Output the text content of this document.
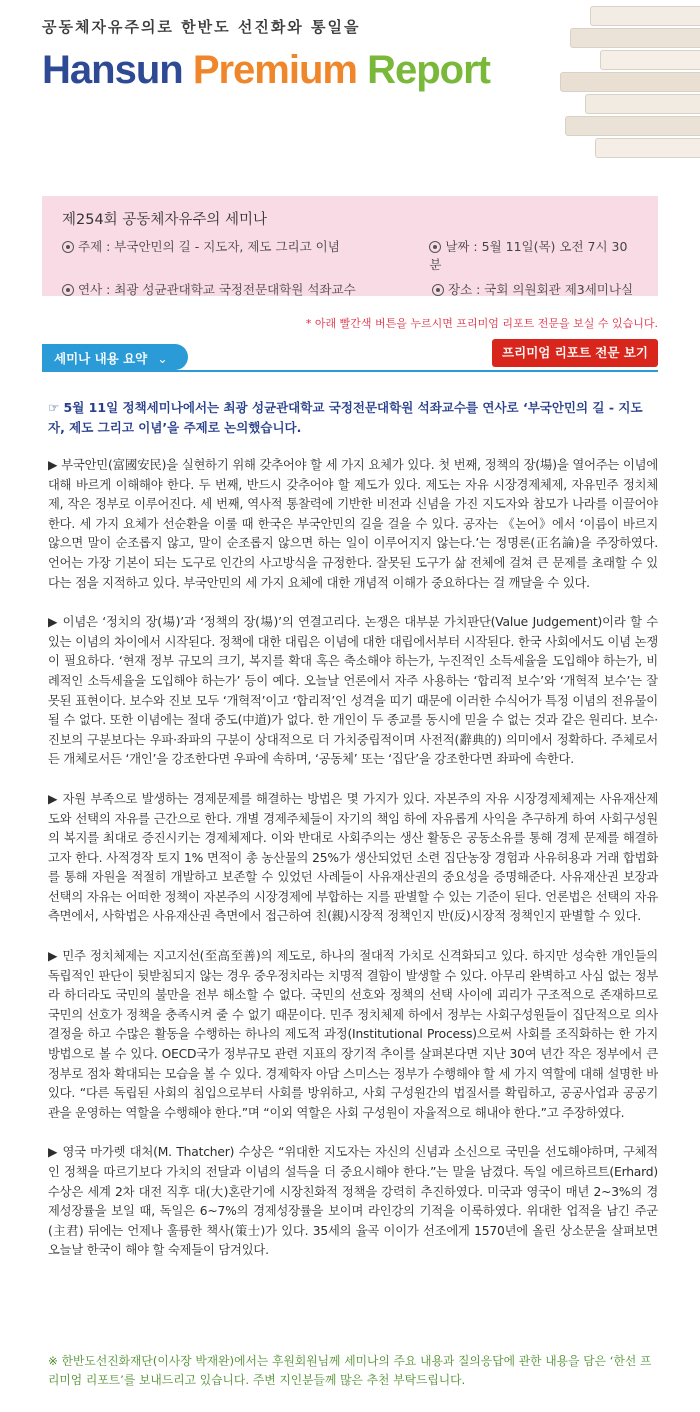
공동체자유주의로 한반도 선진화와 통일을
Hansun Premium Report
제254회 공동체자유주의 세미나
주제 : 부국안민의 길 - 지도자, 제도 그리고 이념	날짜 : 5월 11일(목) 오전 7시 30분
연사 : 최광 성균관대학교 국정전문대학원 석좌교수	장소 : 국회 의원회관 제3세미나실
* 아래 빨간색 버튼을 누르시면 프리미엄 리포트 전문을 보실 수 있습니다.
세미나 내용 요약 ⌄	프리미엄 리포트 전문 보기

☞ 5월 11일 정책세미나에서는 최광 성균관대학교 국정전문대학원 석좌교수를 연사로 ‘부국안민의 길 - 지도자, 제도 그리고 이념’을 주제로 논의했습니다.

▶ 부국안민(富國安民)을 실현하기 위해 갖추어야 할 세 가지 요체가 있다. 첫 번째, 정책의 장(場)을 열어주는 이념에 대해 바르게 이해해야 한다. 두 번째, 반드시 갖추어야 할 제도가 있다. 제도는 자유 시장경제체제, 자유민주 정치체제, 작은 정부로 이루어진다. 세 번째, 역사적 통찰력에 기반한 비전과 신념을 가진 지도자와 참모가 나라를 이끌어야 한다. 세 가지 요체가 선순환을 이룰 때 한국은 부국안민의 길을 걸을 수 있다. 공자는 《논어》에서 ‘이름이 바르지 않으면 말이 순조롭지 않고, 말이 순조롭지 않으면 하는 일이 이루어지지 않는다.’는 정명론(正名論)을 주장하였다. 언어는 가장 기본이 되는 도구로 인간의 사고방식을 규정한다. 잘못된 도구가 삶 전체에 걸쳐 큰 문제를 초래할 수 있다는 점을 지적하고 있다. 부국안민의 세 가지 요체에 대한 개념적 이해가 중요하다는 걸 깨달을 수 있다.

▶ 이념은 ‘정치의 장(場)’과 ‘정책의 장(場)’의 연결고리다. 논쟁은 대부분 가치판단(Value Judgement)이라 할 수 있는 이념의 차이에서 시작된다. 정책에 대한 대립은 이념에 대한 대립에서부터 시작된다. 한국 사회에서도 이념 논쟁이 필요하다. ‘현재 정부 규모의 크기, 복지를 확대 혹은 축소해야 하는가, 누진적인 소득세율을 도입해야 하는가, 비례적인 소득세율을 도입해야 하는가’ 등이 예다. 오늘날 언론에서 자주 사용하는 ‘합리적 보수’와 ‘개혁적 보수’는 잘못된 표현이다. 보수와 진보 모두 ‘개혁적’이고 ‘합리적’인 성격을 띠기 때문에 이러한 수식어가 특정 이념의 전유물이 될 수 없다. 또한 이념에는 절대 중도(中道)가 없다. 한 개인이 두 종교를 동시에 믿을 수 없는 것과 같은 원리다. 보수·진보의 구분보다는 우파·좌파의 구분이 상대적으로 더 가치중립적이며 사전적(辭典的) 의미에서 정확하다. 주체로서든 개체로서든 ‘개인’을 강조한다면 우파에 속하며, ‘공동체’ 또는 ‘집단’을 강조한다면 좌파에 속한다.

▶ 자원 부족으로 발생하는 경제문제를 해결하는 방법은 몇 가지가 있다. 자본주의 자유 시장경제체제는 사유재산제도와 선택의 자유를 근간으로 한다. 개별 경제주체들이 자기의 책임 하에 자유롭게 사익을 추구하게 하여 사회구성원의 복지를 최대로 증진시키는 경제체제다. 이와 반대로 사회주의는 생산 활동은 공동소유를 통해 경제 문제를 해결하고자 한다. 사적경작 토지 1% 면적이 총 농산물의 25%가 생산되었던 소련 집단농장 경험과 사유허용과 거래 합법화를 통해 자원을 적절히 개발하고 보존할 수 있었던 사례들이 사유재산권의 중요성을 증명해준다. 사유재산권 보장과 선택의 자유는 어떠한 정책이 자본주의 시장경제에 부합하는 지를 판별할 수 있는 기준이 된다. 언론법은 선택의 자유 측면에서, 사학법은 사유재산권 측면에서 접근하여 친(親)시장적 정책인지 반(反)시장적 정책인지 판별할 수 있다.

▶ 민주 정치체제는 지고지선(至高至善)의 제도로, 하나의 절대적 가치로 신격화되고 있다. 하지만 성숙한 개인들의 독립적인 판단이 뒷받침되지 않는 경우 중우정치라는 치명적 결함이 발생할 수 있다. 아무리 완벽하고 사심 없는 정부라 하더라도 국민의 불만을 전부 해소할 수 없다. 국민의 선호와 정책의 선택 사이에 괴리가 구조적으로 존재하므로 국민의 선호가 정책을 충족시켜 줄 수 없기 때문이다. 민주 정치체제 하에서 정부는 사회구성원들이 집단적으로 의사결정을 하고 수많은 활동을 수행하는 하나의 제도적 과정(Institutional Process)으로써 사회를 조직화하는 한 가지 방법으로 볼 수 있다. OECD국가 정부규모 관련 지표의 장기적 추이를 살펴본다면 지난 30여 년간 작은 정부에서 큰 정부로 점차 확대되는 모습을 볼 수 있다. 경제학자 아담 스미스는 정부가 수행해야 할 세 가지 역할에 대해 설명한 바 있다. “다른 독립된 사회의 침입으로부터 사회를 방위하고, 사회 구성원간의 법질서를 확립하고, 공공사업과 공공기관을 운영하는 역할을 수행해야 한다.”며 “이외 역할은 사회 구성원이 자율적으로 해내야 한다.”고 주장하였다.

▶ 영국 마가렛 대처(M. Thatcher) 수상은 “위대한 지도자는 자신의 신념과 소신으로 국민을 선도해야하며, 구체적인 정책을 따르기보다 가치의 전달과 이념의 설득을 더 중요시해야 한다.”는 말을 남겼다. 독일 에르하르트(Erhard) 수상은 세계 2차 대전 직후 대(大)혼란기에 시장친화적 정책을 강력히 추진하였다. 미국과 영국이 매년 2~3%의 경제성장률을 보일 때, 독일은 6~7%의 경제성장률을 보이며 라인강의 기적을 이룩하였다. 위대한 업적을 남긴 주군(主君) 뒤에는 언제나 훌륭한 책사(策士)가 있다. 35세의 율곡 이이가 선조에게 1570년에 올린 상소문을 살펴보면 오늘날 한국이 해야 할 숙제들이 담겨있다.

※ 한반도선진화재단(이사장 박재완)에서는 후원회원님께 세미나의 주요 내용과 질의응답에 관한 내용을 담은 ‘한선 프리미엄 리포트’를 보내드리고 있습니다. 주변 지인분들께 많은 추천 부탁드립니다.
